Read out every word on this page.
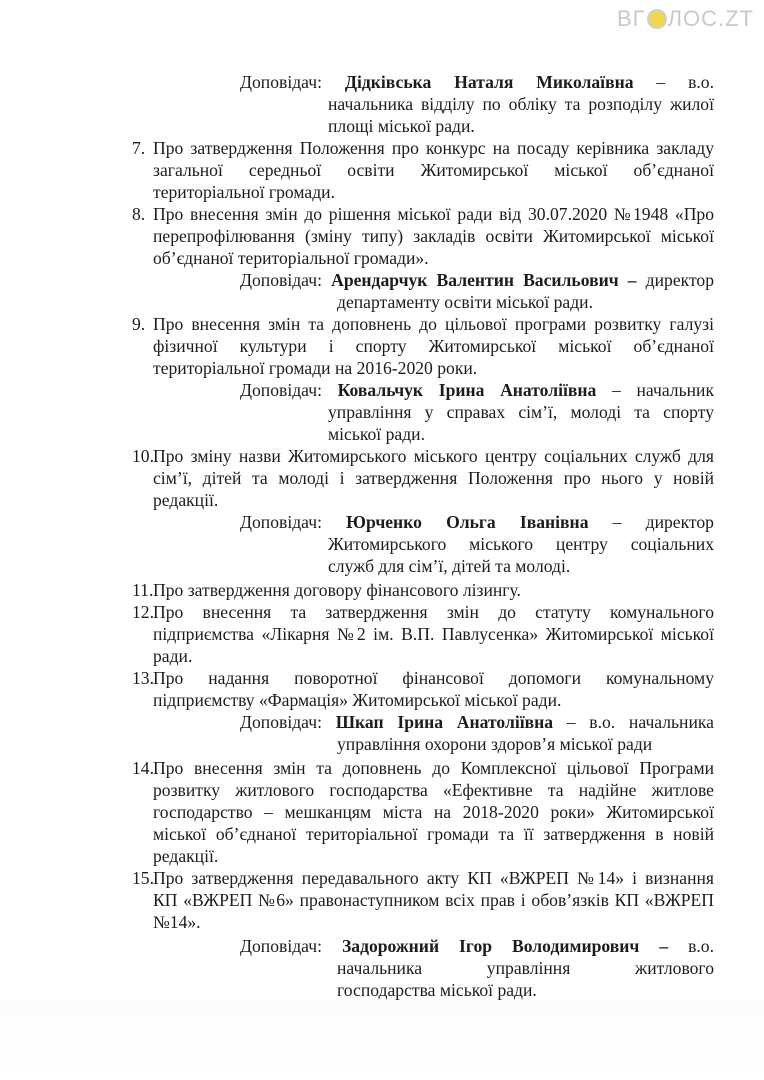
ВГ ЛОС.ZT
Доповідач: Дідківська Наталя Миколаївна – в.о.
начальника відділу по обліку та розподілу жилої
площі міської ради.
7. Про затвердження Положення про конкурс на посаду керівника закладу
загальної середньої освіти Житомирської міської об’єднаної
територіальної громади.
8. Про внесення змін до рішення міської ради від 30.07.2020 №1948 «Про
перепрофілювання (зміну типу) закладів освіти Житомирської міської
об’єднаної територіальної громади».
Доповідач: Арендарчук Валентин Васильович – директор
департаменту освіти міської ради.
9. Про внесення змін та доповнень до цільової програми розвитку галузі
фізичної культури і спорту Житомирської міської об’єднаної
територіальної громади на 2016-2020 роки.
Доповідач: Ковальчук Ірина Анатоліївна – начальник
управління у справах сім’ї, молоді та спорту
міської ради.
10. Про зміну назви Житомирського міського центру соціальних служб для
сім’ї, дітей та молоді і затвердження Положення про нього у новій
редакції.
Доповідач: Юрченко Ольга Іванівна – директор
Житомирського міського центру соціальних
служб для сім’ї, дітей та молоді.
11. Про затвердження договору фінансового лізингу.
12. Про внесення та затвердження змін до статуту комунального
підприємства «Лікарня №2 ім. В.П. Павлусенка» Житомирської міської
ради.
13. Про надання поворотної фінансової допомоги комунальному
підприємству «Фармація» Житомирської міської ради.
Доповідач: Шкап Ірина Анатоліївна – в.о. начальника
управління охорони здоров’я міської ради
14. Про внесення змін та доповнень до Комплексної цільової Програми
розвитку житлового господарства «Ефективне та надійне житлове
господарство – мешканцям міста на 2018-2020 роки» Житомирської
міської об’єднаної територіальної громади та її затвердження в новій
редакції.
15. Про затвердження передавального акту КП «ВЖРЕП №14» і визнання
КП «ВЖРЕП №6» правонаступником всіх прав і обов’язків КП «ВЖРЕП
№14».
Доповідач: Задорожний Ігор Володимирович – в.о.
начальника управління житлового
господарства міської ради.
